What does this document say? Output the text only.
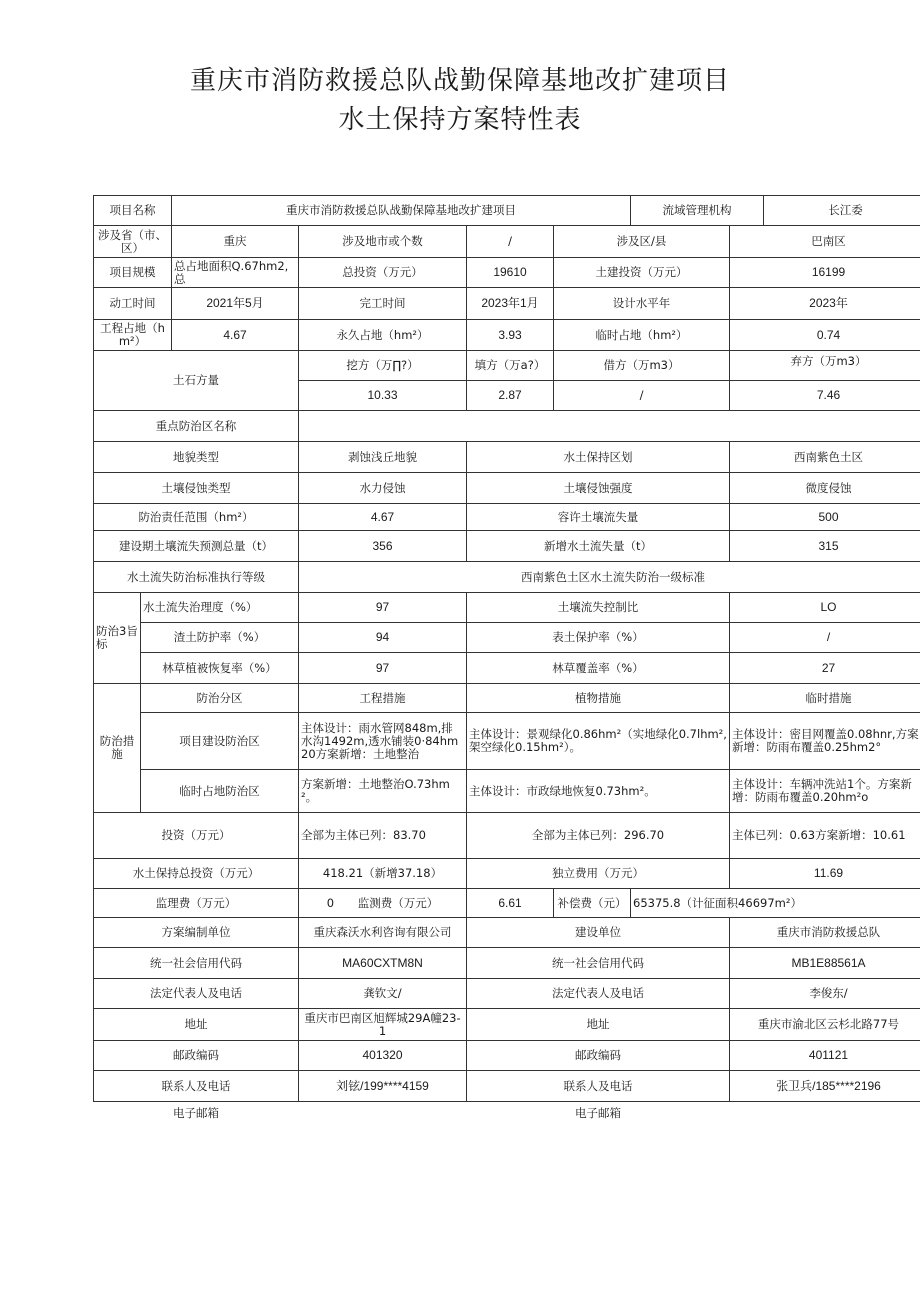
重庆市消防救援总队战勤保障基地改扩建项目
水土保持方案特性表
项目名称		重庆市消防救援总队战勤保障基地改扩建项目				流域管理机构		长江委
涉及省（市、区）		重庆	涉及地市或个数	/	涉及区/县		巴南区	
项目规模		总占地面积Q.67hm2,总	总投资（万元）	19610	土建投资（万元）		16199	
动工时间		2021年5月	完工时间	2023年1月	设计水平年		2023年	
工程占地（hm²）		4.67	永久占地（hm²）	3.93	临时占地（hm²）		0.74	
土石方量			挖方（万∏?）	填方（万a?）	借方（万m3）		弃方（万m3）	
			10.33	2.87	/		7.46	
重点防治区名称								
地貌类型			剥蚀浅丘地貌	水土保持区划			西南紫色土区	
土壤侵蚀类型			水力侵蚀	土壤侵蚀强度			微度侵蚀	
防治责任范围（hm²）			4.67	容许土壤流失量			500	
建设期土壤流失预测总量（t）			356	新增水土流失量（t）			315	
水土流失防治标准执行等级			西南紫色土区水土流失防治一级标准					
防治3旨标	水土流失治理度（%）		97	土壤流失控制比			LO	
	渣土防护率（%）		94	表土保护率（%）			/	
	林草植被恢复率（%）		97	林草覆盖率（%）			27	
防治措施	防治分区		工程措施	植物措施			临时措施	
	项目建设防治区		主体设计：雨水管网848m,排水沟1492m,透水铺装0·84hm20方案新增：土地整治	主体设计：景观绿化0.86hm²（实地绿化0.7lhm²,架空绿化0.15hm²）。			主体设计：密目网覆盖0.08hnr,方案新增：防雨布覆盖0.25hm2°	
	临时占地防治区		方案新增：土地整治O.73hm²。	主体设计：市政绿地恢复0.73hm²。			主体设计：车辆冲洗站1个。方案新增：防雨布覆盖0.20hm²o	
投资（万元）			全部为主体已列：83.70	全部为主体已列：296.70			主体已列：0.63方案新增：10.61	
水土保持总投资（万元）			418.21（新增37.18）	独立费用（万元）			11.69	
监理费（万元）			0 监测费（万元）	6.61	补偿费（元）	65375.8（计征面积46697m²）		
方案编制单位			重庆森沃水利咨询有限公司	建设单位			重庆市消防救援总队	
统一社会信用代码			MA60CXTM8N	统一社会信用代码			MB1E88561A	
法定代表人及电话			龚钦文/	法定代表人及电话			李俊东/	
地址			重庆市巴南区旭辉城29A幢23-1	地址			重庆市渝北区云杉北路77号	
邮政编码			401320	邮政编码			401121	
联系人及电话			刘铉/199****4159	联系人及电话			张卫兵/185****2196	
电子邮箱				电子邮箱				
